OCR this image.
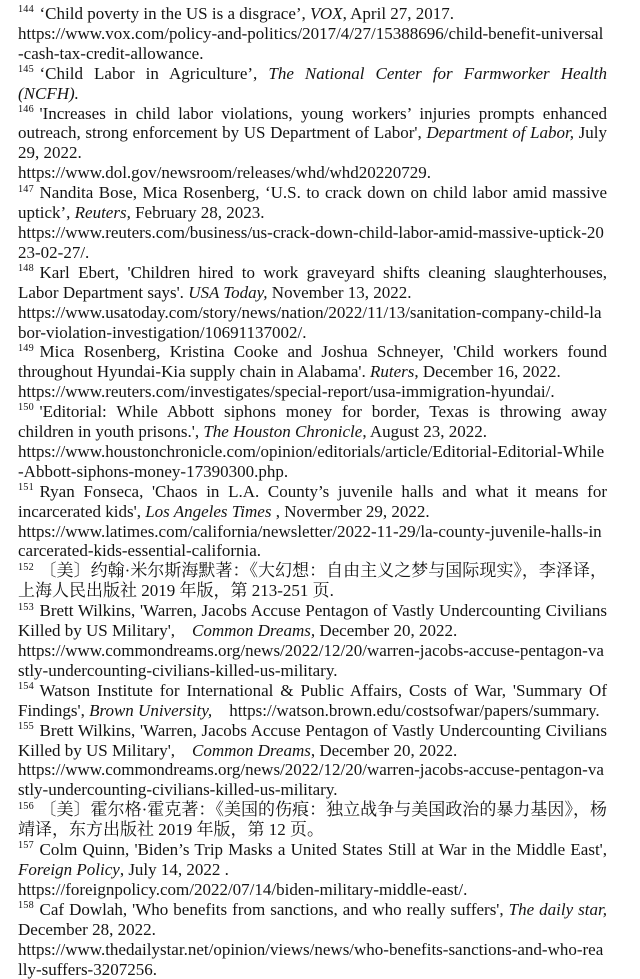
$^{144}$ ‘Child poverty in the US is a disgrace’, VOX, April 27, 2017.
https://www.vox.com/policy-and-politics/2017/4/27/15388696/child-benefit-universal-cash-tax-credit-allowance.

$^{145}$ ‘Child Labor in Agriculture’, The National Center for Farmworker Health (NCFH).

$^{146}$ 'Increases in child labor violations, young workers’ injuries prompts enhanced outreach, strong enforcement by US Department of Labor', Department of Labor, July 29, 2022.
https://www.dol.gov/newsroom/releases/whd/whd20220729.

$^{147}$ Nandita Bose, Mica Rosenberg, ‘U.S. to crack down on child labor amid massive uptick’, Reuters, February 28, 2023.
https://www.reuters.com/business/us-crack-down-child-labor-amid-massive-uptick-2023-02-27/.

$^{148}$ Karl Ebert, 'Children hired to work graveyard shifts cleaning slaughterhouses, Labor Department says'. USA Today, November 13, 2022.
https://www.usatoday.com/story/news/nation/2022/11/13/sanitation-company-child-labor-violation-investigation/10691137002/.

$^{149}$ Mica Rosenberg, Kristina Cooke and Joshua Schneyer, 'Child workers found throughout Hyundai-Kia supply chain in Alabama'. Ruters, December 16, 2022.
https://www.reuters.com/investigates/special-report/usa-immigration-hyundai/.

$^{150}$ 'Editorial: While Abbott siphons money for border, Texas is throwing away children in youth prisons.', The Houston Chronicle, August 23, 2022.
https://www.houstonchronicle.com/opinion/editorials/article/Editorial-Editorial-While-Abbott-siphons-money-17390300.php.

$^{151}$ Ryan Fonseca, 'Chaos in L.A. County’s juvenile halls and what it means for incarcerated kids', Los Angeles Times , Novermber 29, 2022.
https://www.latimes.com/california/newsletter/2022-11-29/la-county-juvenile-halls-incarcerated-kids-essential-california.

$^{152}$ 〔美〕约翰·米尔斯海默著：《大幻想：自由主义之梦与国际现实》，李泽译，上海人民出版社 2019 年版，第 213-251 页.

$^{153}$ Brett Wilkins, 'Warren, Jacobs Accuse Pentagon of Vastly Undercounting Civilians Killed by US Military',    Common Dreams, December 20, 2022.
https://www.commondreams.org/news/2022/12/20/warren-jacobs-accuse-pentagon-vastly-undercounting-civilians-killed-us-military.

$^{154}$ Watson Institute for International & Public Affairs, Costs of War, 'Summary Of Findings', Brown University, https://watson.brown.edu/costsofwar/papers/summary.

$^{155}$ Brett Wilkins, 'Warren, Jacobs Accuse Pentagon of Vastly Undercounting Civilians Killed by US Military',    Common Dreams, December 20, 2022.
https://www.commondreams.org/news/2022/12/20/warren-jacobs-accuse-pentagon-vastly-undercounting-civilians-killed-us-military.

$^{156}$ 〔美〕霍尔格·霍克著：《美国的伤痕：独立战争与美国政治的暴力基因》，杨靖译，东方出版社 2019 年版，第 12 页。

$^{157}$ Colm Quinn, 'Biden’s Trip Masks a United States Still at War in the Middle East', Foreign Policy, July 14, 2022 .
https://foreignpolicy.com/2022/07/14/biden-military-middle-east/.

$^{158}$ Caf Dowlah, 'Who benefits from sanctions, and who really suffers', The daily star, December 28, 2022.
https://www.thedailystar.net/opinion/views/news/who-benefits-sanctions-and-who-really-suffers-3207256.
